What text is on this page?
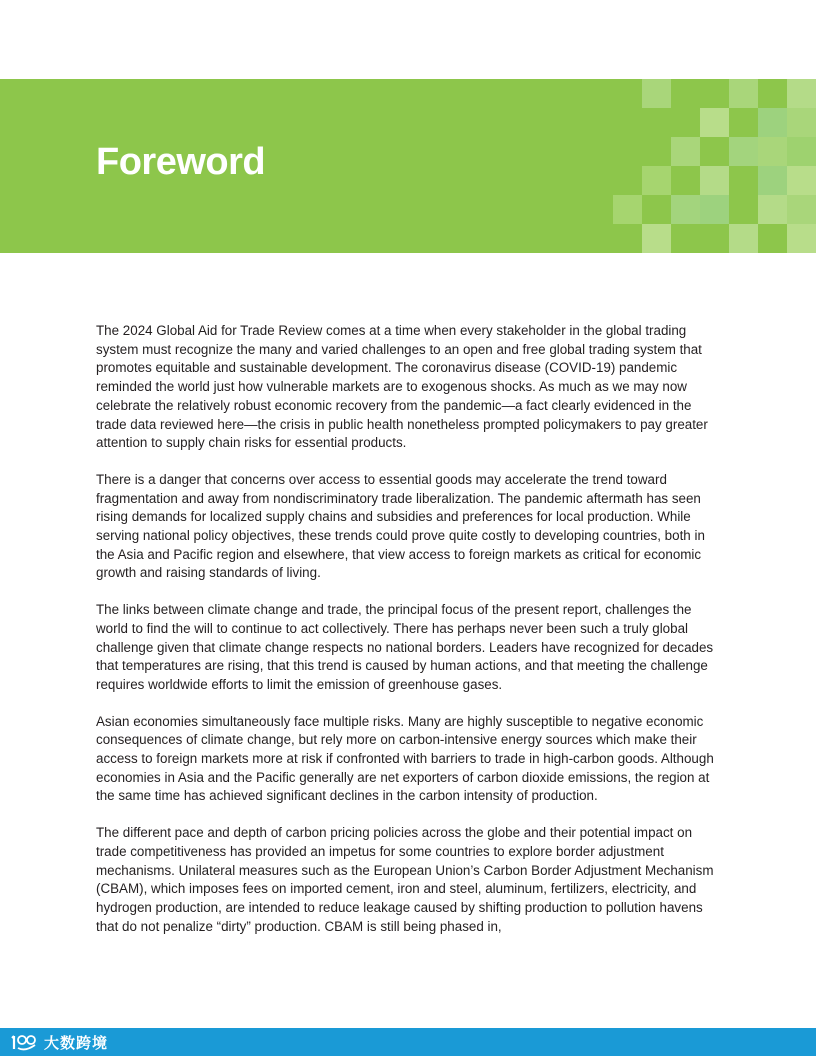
Foreword

The 2024 Global Aid for Trade Review comes at a time when every stakeholder in the global trading system must recognize the many and varied challenges to an open and free global trading system that promotes equitable and sustainable development. The coronavirus disease (COVID-19) pandemic reminded the world just how vulnerable markets are to exogenous shocks. As much as we may now celebrate the relatively robust economic recovery from the pandemic—a fact clearly evidenced in the trade data reviewed here—the crisis in public health nonetheless prompted policymakers to pay greater attention to supply chain risks for essential products.

There is a danger that concerns over access to essential goods may accelerate the trend toward fragmentation and away from nondiscriminatory trade liberalization. The pandemic aftermath has seen rising demands for localized supply chains and subsidies and preferences for local production. While serving national policy objectives, these trends could prove quite costly to developing countries, both in the Asia and Pacific region and elsewhere, that view access to foreign markets as critical for economic growth and raising standards of living.

The links between climate change and trade, the principal focus of the present report, challenges the world to find the will to continue to act collectively. There has perhaps never been such a truly global challenge given that climate change respects no national borders. Leaders have recognized for decades that temperatures are rising, that this trend is caused by human actions, and that meeting the challenge requires worldwide efforts to limit the emission of greenhouse gases.

Asian economies simultaneously face multiple risks. Many are highly susceptible to negative economic consequences of climate change, but rely more on carbon-intensive energy sources which make their access to foreign markets more at risk if confronted with barriers to trade in high-carbon goods. Although economies in Asia and the Pacific generally are net exporters of carbon dioxide emissions, the region at the same time has achieved significant declines in the carbon intensity of production.

The different pace and depth of carbon pricing policies across the globe and their potential impact on trade competitiveness has provided an impetus for some countries to explore border adjustment mechanisms. Unilateral measures such as the European Union’s Carbon Border Adjustment Mechanism (CBAM), which imposes fees on imported cement, iron and steel, aluminum, fertilizers, electricity, and hydrogen production, are intended to reduce leakage caused by shifting production to pollution havens that do not penalize “dirty” production. CBAM is still being phased in,

大数跨境
